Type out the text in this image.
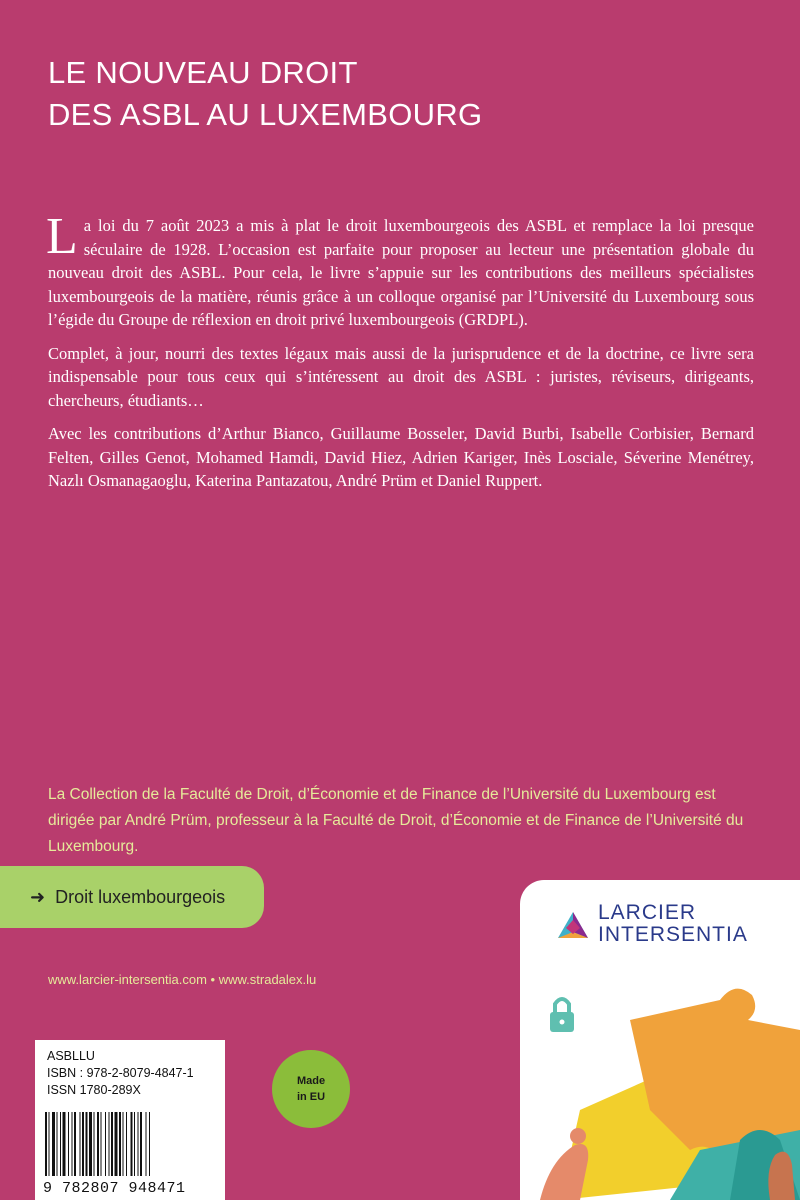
LE NOUVEAU DROIT
DES ASBL AU LUXEMBOURG

La loi du 7 août 2023 a mis à plat le droit luxembourgeois des ASBL et remplace la loi presque séculaire de 1928. L’occasion est parfaite pour proposer au lecteur une présentation globale du nouveau droit des ASBL. Pour cela, le livre s’appuie sur les contributions des meilleurs spécialistes luxembourgeois de la matière, réunis grâce à un colloque organisé par l’Université du Luxembourg sous l’égide du Groupe de réflexion en droit privé luxembourgeois (GRDPL).

Complet, à jour, nourri des textes légaux mais aussi de la jurisprudence et de la doctrine, ce livre sera indispensable pour tous ceux qui s’intéressent au droit des ASBL : juristes, réviseurs, dirigeants, chercheurs, étudiants…

Avec les contributions d’Arthur Bianco, Guillaume Bosseler, David Burbi, Isabelle Corbisier, Bernard Felten, Gilles Genot, Mohamed Hamdi, David Hiez, Adrien Kariger, Inès Losciale, Séverine Menétrey, Nazlı Osmanagaoglu, Katerina Pantazatou, André Prüm et Daniel Ruppert.

La Collection de la Faculté de Droit, d’Économie et de Finance de l’Université du Luxembourg est dirigée par André Prüm, professeur à la Faculté de Droit, d’Économie et de Finance de l’Université du Luxembourg.
➜ Droit luxembourgeois
www.larcier-intersentia.com • www.stradalex.lu
ASBLLU
ISBN : 978-2-8079-4847-1
ISSN 1780-289X
9 782807 948471
Made
in EU
LARCIER
INTERSENTIA
